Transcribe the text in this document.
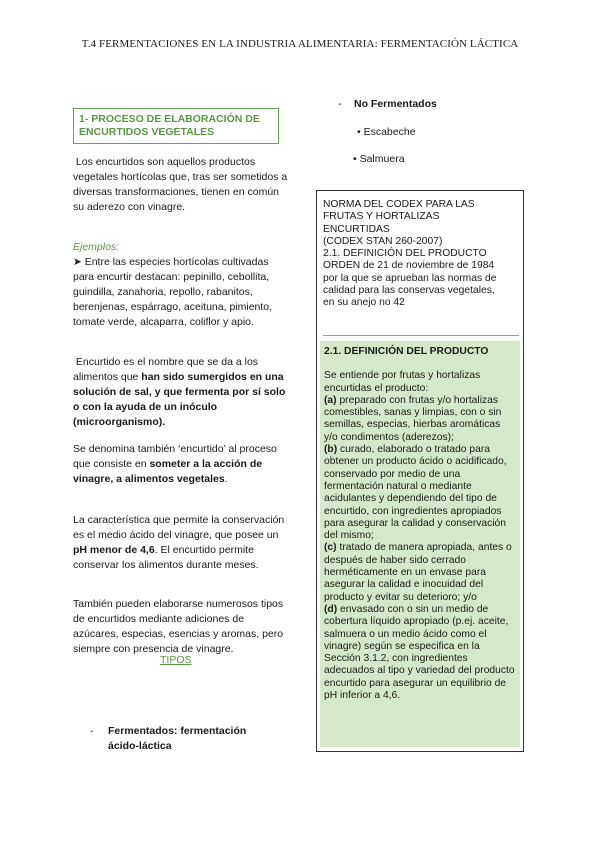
T.4 FERMENTACIONES EN LA INDUSTRIA ALIMENTARIA: FERMENTACIÓN LÁCTICA
1- PROCESO DE ELABORACIÓN DE ENCURTIDOS VEGETALES

Los encurtidos son aquellos productos vegetales hortícolas que, tras ser sometidos a diversas transformaciones, tienen en común su aderezo con vinagre.

Ejemplos:
➤ Entre las especies hortícolas cultivadas para encurtir destacan: pepinillo, cebollita, guindilla, zanahoria, repollo, rabanitos, berenjenas, espárrago, aceituna, pimiento, tomate verde, alcaparra, coliflor y apio.

Encurtido es el nombre que se da a los alimentos que han sido sumergidos en una solución de sal, y que fermenta por sí solo o con la ayuda de un inóculo (microorganismo).

Se denomina también ‘encurtido’ al proceso que consiste en someter a la acción de vinagre, a alimentos vegetales.

La característica que permite la conservación es el medio ácido del vinagre, que posee un pH menor de 4,6. El encurtido permite conservar los alimentos durante meses.

También pueden elaborarse numerosos tipos de encurtidos mediante adiciones de azúcares, especias, esencias y aromas, pero siempre con presencia de vinagre.
TIPOS
- Fermentados: fermentación
ácido-láctica
- No Fermentados
• Escabeche
• Salmuera
NORMA DEL CODEX PARA LAS
FRUTAS Y HORTALIZAS
ENCURTIDAS
(CODEX STAN 260-2007)
2.1. DEFINICIÓN DEL PRODUCTO
ORDEN de 21 de noviembre de 1984
por la que se aprueban las normas de
calidad para las conservas vegetales,
en su anejo no 42
2.1. DEFINICIÓN DEL PRODUCTO
Se entiende por frutas y hortalizas encurtidas el producto:
(a) preparado con frutas y/o hortalizas comestibles, sanas y limpias, con o sin semillas, especias, hierbas aromáticas y/o condimentos (aderezos);
(b) curado, elaborado o tratado para obtener un producto ácido o acidificado, conservado por medio de una fermentación natural o mediante acidulantes y dependiendo del tipo de encurtido, con ingredientes apropiados para asegurar la calidad y conservación del mismo;
(c) tratado de manera apropiada, antes o después de haber sido cerrado herméticamente en un envase para asegurar la calidad e inocuidad del producto y evitar su deterioro; y/o
(d) envasado con o sin un medio de cobertura líquido apropiado (p.ej. aceite, salmuera o un medio ácido como el vinagre) según se especifica en la Sección 3.1.2, con ingredientes adecuados al tipo y variedad del producto encurtido para asegurar un equilibrio de pH inferior a 4,6.
